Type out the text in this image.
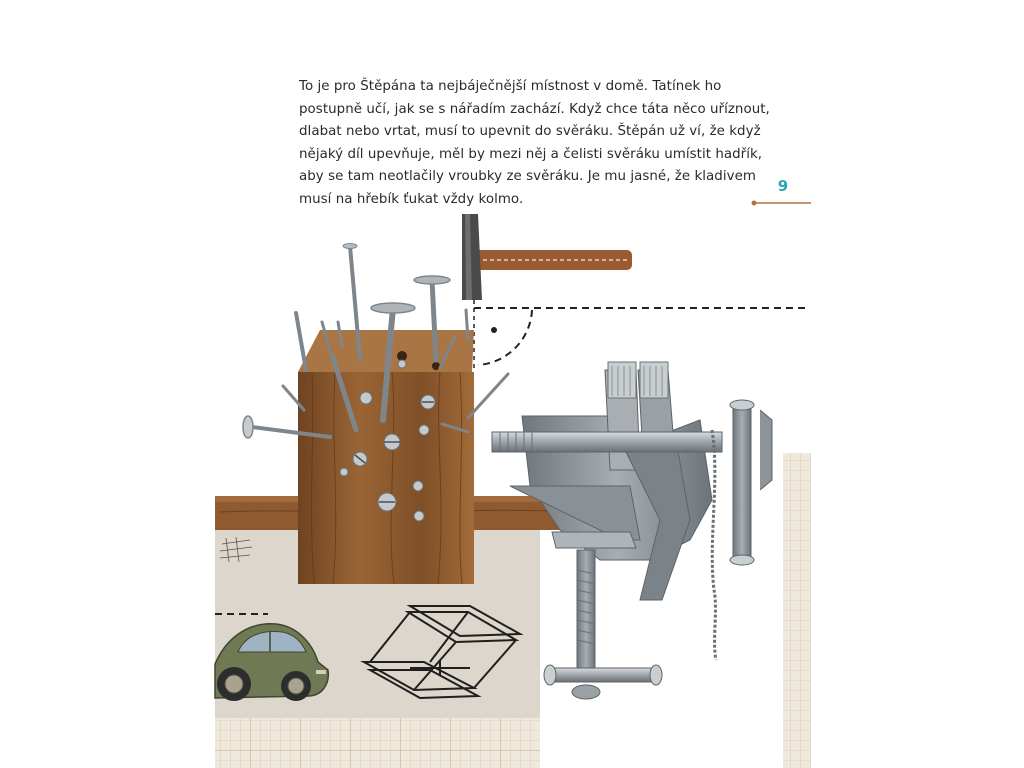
To je pro Štěpána ta nejbáječnější místnost v domě. Tatínek ho
postupně učí, jak se s nářadím zachází. Když chce táta něco uříznout,
dlabat nebo vrtat, musí to upevnit do svěráku. Štěpán už ví, že když
nějaký díl upevňuje, měl by mezi něj a čelisti svěráku umístit hadřík,
aby se tam neotlačily vroubky ze svěráku. Je mu jasné, že kladivem
musí na hřebík ťukat vždy kolmo.

9
